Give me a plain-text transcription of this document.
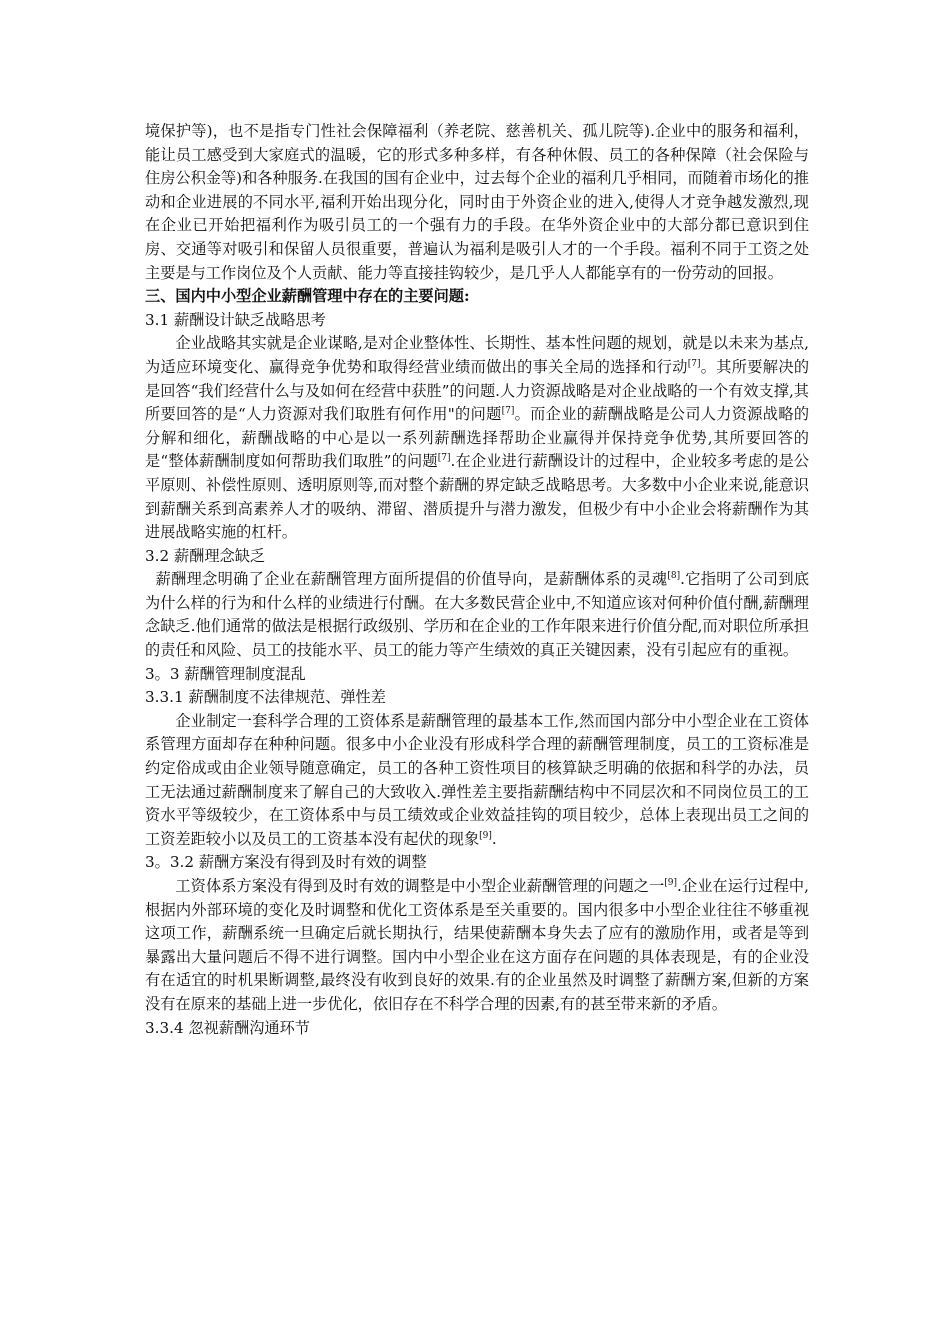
境保护等)，也不是指专门性社会保障福利（养老院、慈善机关、孤儿院等).企业中的服务和福利，能让员工感受到大家庭式的温暖，它的形式多种多样，有各种休假、员工的各种保障（社会保险与住房公积金等)和各种服务.在我国的国有企业中，过去每个企业的福利几乎相同，而随着市场化的推动和企业进展的不同水平,福利开始出现分化，同时由于外资企业的进入,使得人才竞争越发激烈,现在企业已开始把福利作为吸引员工的一个强有力的手段。在华外资企业中的大部分都已意识到住房、交通等对吸引和保留人员很重要，普遍认为福利是吸引人才的一个手段。福利不同于工资之处主要是与工作岗位及个人贡献、能力等直接挂钩较少，是几乎人人都能享有的一份劳动的回报。

三、国内中小型企业薪酬管理中存在的主要问题:

3.1 薪酬设计缺乏战略思考

企业战略其实就是企业谋略,是对企业整体性、长期性、基本性问题的规划，就是以未来为基点,为适应环境变化、赢得竞争优势和取得经营业绩而做出的事关全局的选择和行动[7]。其所要解决的是回答“我们经营什么与及如何在经营中获胜”的问题.人力资源战略是对企业战略的一个有效支撑,其所要回答的是“人力资源对我们取胜有何作用"的问题[7]。而企业的薪酬战略是公司人力资源战略的分解和细化，薪酬战略的中心是以一系列薪酬选择帮助企业赢得并保持竞争优势,其所要回答的是“整体薪酬制度如何帮助我们取胜”的问题[7].在企业进行薪酬设计的过程中，企业较多考虑的是公平原则、补偿性原则、透明原则等,而对整个薪酬的界定缺乏战略思考。大多数中小企业来说,能意识到薪酬关系到高素养人才的吸纳、滞留、潜质提升与潜力激发，但极少有中小企业会将薪酬作为其进展战略实施的杠杆。

3.2 薪酬理念缺乏

薪酬理念明确了企业在薪酬管理方面所提倡的价值导向，是薪酬体系的灵魂[8].它指明了公司到底为什么样的行为和什么样的业绩进行付酬。在大多数民营企业中,不知道应该对何种价值付酬,薪酬理念缺乏.他们通常的做法是根据行政级别、学历和在企业的工作年限来进行价值分配,而对职位所承担的责任和风险、员工的技能水平、员工的能力等产生绩效的真正关键因素，没有引起应有的重视。

3。3 薪酬管理制度混乱

3.3.1 薪酬制度不法律规范、弹性差

企业制定一套科学合理的工资体系是薪酬管理的最基本工作,然而国内部分中小型企业在工资体系管理方面却存在种种问题。很多中小企业没有形成科学合理的薪酬管理制度，员工的工资标准是约定俗成或由企业领导随意确定，员工的各种工资性项目的核算缺乏明确的依据和科学的办法，员工无法通过薪酬制度来了解自己的大致收入.弹性差主要指薪酬结构中不同层次和不同岗位员工的工资水平等级较少，在工资体系中与员工绩效或企业效益挂钩的项目较少，总体上表现出员工之间的工资差距较小以及员工的工资基本没有起伏的现象[9].

3。3.2 薪酬方案没有得到及时有效的调整

工资体系方案没有得到及时有效的调整是中小型企业薪酬管理的问题之一[9].企业在运行过程中,根据内外部环境的变化及时调整和优化工资体系是至关重要的。国内很多中小型企业往往不够重视这项工作，薪酬系统一旦确定后就长期执行，结果使薪酬本身失去了应有的激励作用，或者是等到暴露出大量问题后不得不进行调整。国内中小型企业在这方面存在问题的具体表现是，有的企业没有在适宜的时机果断调整,最终没有收到良好的效果.有的企业虽然及时调整了薪酬方案,但新的方案没有在原来的基础上进一步优化，依旧存在不科学合理的因素,有的甚至带来新的矛盾。

3.3.4 忽视薪酬沟通环节
